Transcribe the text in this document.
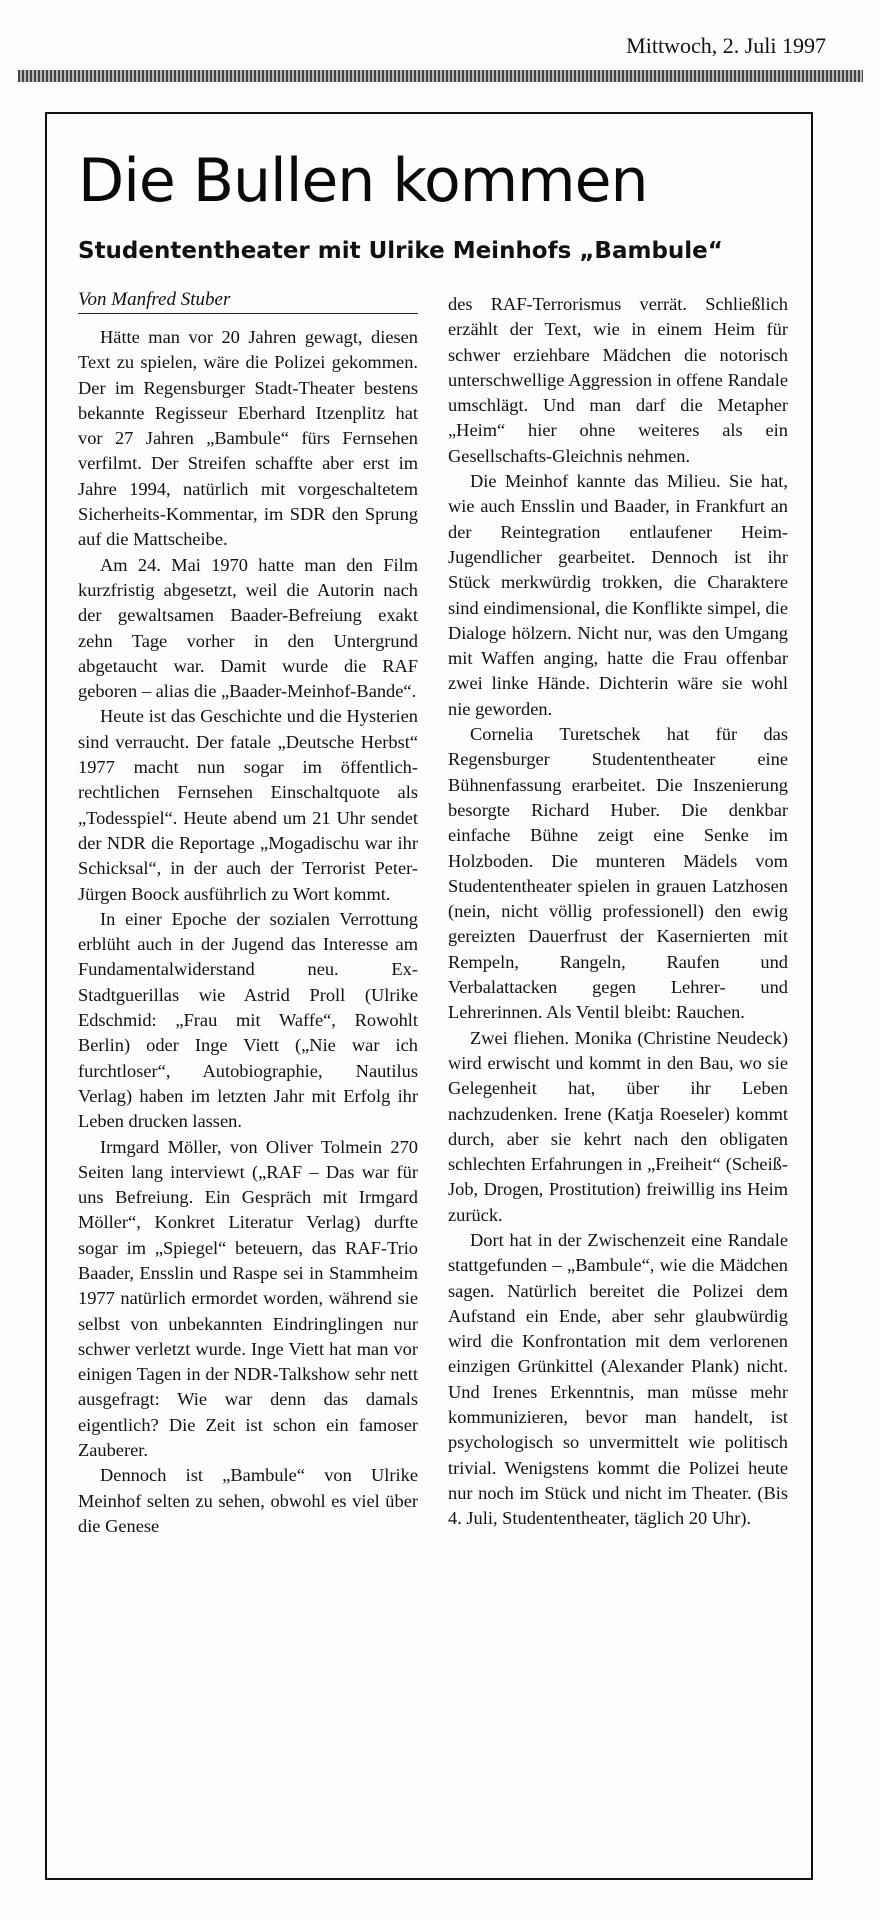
Mittwoch, 2. Juli 1997
Die Bullen kommen
Studententheater mit Ulrike Meinhofs „Bambule“
Von Manfred Stuber

Hätte man vor 20 Jahren gewagt, diesen Text zu spielen, wäre die Polizei gekommen. Der im Regensburger Stadt-Theater bestens bekannte Regisseur Eberhard Itzenplitz hat vor 27 Jahren „Bambule“ fürs Fernsehen verfilmt. Der Streifen schaffte aber erst im Jahre 1994, natürlich mit vorgeschaltetem Sicherheits-Kommentar, im SDR den Sprung auf die Mattscheibe.

Am 24. Mai 1970 hatte man den Film kurzfristig abgesetzt, weil die Autorin nach der gewaltsamen Baader-Befreiung exakt zehn Tage vorher in den Untergrund abgetaucht war. Damit wurde die RAF geboren – alias die „Baader-Meinhof-Bande“.

Heute ist das Geschichte und die Hysterien sind verraucht. Der fatale „Deutsche Herbst“ 1977 macht nun sogar im öffentlich-rechtlichen Fernsehen Einschaltquote als „Todesspiel“. Heute abend um 21 Uhr sendet der NDR die Reportage „Mogadischu war ihr Schicksal“, in der auch der Terrorist Peter-Jürgen Boock ausführlich zu Wort kommt.

In einer Epoche der sozialen Verrottung erblüht auch in der Jugend das Interesse am Fundamentalwiderstand neu. Ex-Stadtguerillas wie Astrid Proll (Ulrike Edschmid: „Frau mit Waffe“, Rowohlt Berlin) oder Inge Viett („Nie war ich furchtloser“, Autobiographie, Nautilus Verlag) haben im letzten Jahr mit Erfolg ihr Leben drucken lassen.

Irmgard Möller, von Oliver Tolmein 270 Seiten lang interviewt („RAF – Das war für uns Befreiung. Ein Gespräch mit Irmgard Möller“, Konkret Literatur Verlag) durfte sogar im „Spiegel“ beteuern, das RAF-Trio Baader, Ensslin und Raspe sei in Stammheim 1977 natürlich ermordet worden, während sie selbst von unbekannten Eindringlingen nur schwer verletzt wurde. Inge Viett hat man vor einigen Tagen in der NDR-Talkshow sehr nett ausgefragt: Wie war denn das damals eigentlich? Die Zeit ist schon ein famoser Zauberer.

Dennoch ist „Bambule“ von Ulrike Meinhof selten zu sehen, obwohl es viel über die Genese

des RAF-Terrorismus verrät. Schließlich erzählt der Text, wie in einem Heim für schwer erziehbare Mädchen die notorisch unterschwellige Aggression in offene Randale umschlägt. Und man darf die Metapher „Heim“ hier ohne weiteres als ein Gesellschafts-Gleichnis nehmen.

Die Meinhof kannte das Milieu. Sie hat, wie auch Ensslin und Baader, in Frankfurt an der Reintegration entlaufener Heim-Jugendlicher gearbeitet. Dennoch ist ihr Stück merkwürdig trokken, die Charaktere sind eindimensional, die Konflikte simpel, die Dialoge hölzern. Nicht nur, was den Umgang mit Waffen anging, hatte die Frau offenbar zwei linke Hände. Dichterin wäre sie wohl nie geworden.

Cornelia Turetschek hat für das Regensburger Studententheater eine Bühnenfassung erarbeitet. Die Inszenierung besorgte Richard Huber. Die denkbar einfache Bühne zeigt eine Senke im Holzboden. Die munteren Mädels vom Studententheater spielen in grauen Latzhosen (nein, nicht völlig professionell) den ewig gereizten Dauerfrust der Kasernierten mit Rempeln, Rangeln, Raufen und Verbalattacken gegen Lehrer- und Lehrerinnen. Als Ventil bleibt: Rauchen.

Zwei fliehen. Monika (Christine Neudeck) wird erwischt und kommt in den Bau, wo sie Gelegenheit hat, über ihr Leben nachzudenken. Irene (Katja Roeseler) kommt durch, aber sie kehrt nach den obligaten schlechten Erfahrungen in „Freiheit“ (Scheiß-Job, Drogen, Prostitution) freiwillig ins Heim zurück.

Dort hat in der Zwischenzeit eine Randale stattgefunden – „Bambule“, wie die Mädchen sagen. Natürlich bereitet die Polizei dem Aufstand ein Ende, aber sehr glaubwürdig wird die Konfrontation mit dem verlorenen einzigen Grünkittel (Alexander Plank) nicht. Und Irenes Erkenntnis, man müsse mehr kommunizieren, bevor man handelt, ist psychologisch so unvermittelt wie politisch trivial. Wenigstens kommt die Polizei heute nur noch im Stück und nicht im Theater. (Bis 4. Juli, Studententheater, täglich 20 Uhr).
